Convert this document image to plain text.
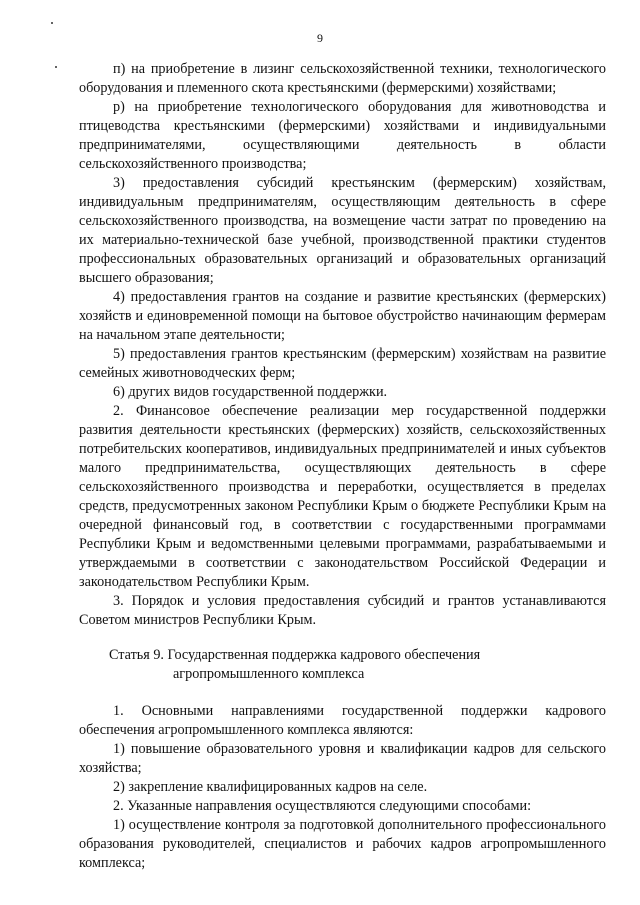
9

п) на приобретение в лизинг сельскохозяйственной техники, технологического оборудования и племенного скота крестьянскими (фермерскими) хозяйствами;

р) на приобретение технологического оборудования для животноводства и птицеводства крестьянскими (фермерскими) хозяйствами и индивидуальными предпринимателями, осуществляющими деятельность в области сельскохозяйственного производства;

3) предоставления субсидий крестьянским (фермерским) хозяйствам, индивидуальным предпринимателям, осуществляющим деятельность в сфере сельскохозяйственного производства, на возмещение части затрат по проведению на их материально-технической базе учебной, производственной практики студентов профессиональных образовательных организаций и образовательных организаций высшего образования;

4) предоставления грантов на создание и развитие крестьянских (фермерских) хозяйств и единовременной помощи на бытовое обустройство начинающим фермерам на начальном этапе деятельности;

5) предоставления грантов крестьянским (фермерским) хозяйствам на развитие семейных животноводческих ферм;

6) других видов государственной поддержки.

2. Финансовое обеспечение реализации мер государственной поддержки развития деятельности крестьянских (фермерских) хозяйств, сельскохозяйственных потребительских кооперативов, индивидуальных предпринимателей и иных субъектов малого предпринимательства, осуществляющих деятельность в сфере сельскохозяйственного производства и переработки, осуществляется в пределах средств, предусмотренных законом Республики Крым о бюджете Республики Крым на очередной финансовый год, в соответствии с государственными программами Республики Крым и ведомственными целевыми программами, разрабатываемыми и утверждаемыми в соответствии с законодательством Российской Федерации и законодательством Республики Крым.

3. Порядок и условия предоставления субсидий и грантов устанавливаются Советом министров Республики Крым.

Статья 9. Государственная поддержка кадрового обеспечения
агропромышленного комплекса

1. Основными направлениями государственной поддержки кадрового обеспечения агропромышленного комплекса являются:

1) повышение образовательного уровня и квалификации кадров для сельского хозяйства;

2) закрепление квалифицированных кадров на селе.

2. Указанные направления осуществляются следующими способами:

1) осуществление контроля за подготовкой дополнительного профессионального образования руководителей, специалистов и рабочих кадров агропромышленного комплекса;
